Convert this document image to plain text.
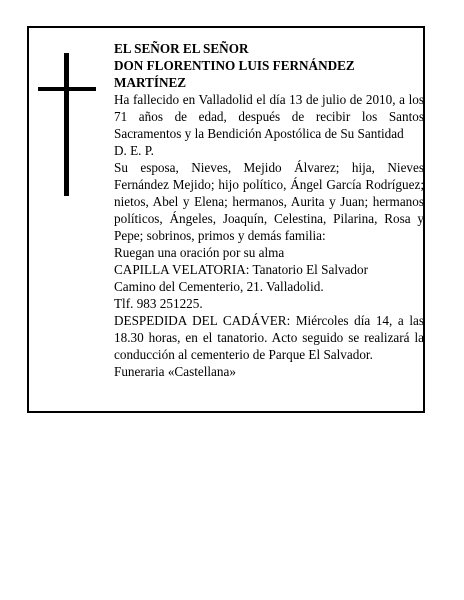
EL SEÑOR EL SEÑOR

DON FLORENTINO LUIS FERNÁNDEZ MARTÍNEZ

Ha fallecido en Valladolid el día 13 de julio de 2010, a los 71 años de edad, después de recibir los Santos Sacramentos y la Bendición Apostólica de Su Santidad

D. E. P.

Su esposa, Nieves, Mejido Álvarez; hija, Nieves Fernández Mejido; hijo político, Ángel García Rodríguez; nietos, Abel y Elena; hermanos, Aurita y Juan; hermanos políticos, Ángeles, Joaquín, Celestina, Pilarina, Rosa y Pepe; sobrinos, primos y demás familia:

Ruegan una oración por su alma

CAPILLA VELATORIA: Tanatorio El Salvador

Camino del Cementerio, 21. Valladolid.

Tlf. 983 251225.

DESPEDIDA DEL CADÁVER: Miércoles día 14, a las 18.30 horas, en el tanatorio. Acto seguido se realizará la conducción al cementerio de Parque El Salvador.

Funeraria «Castellana»
